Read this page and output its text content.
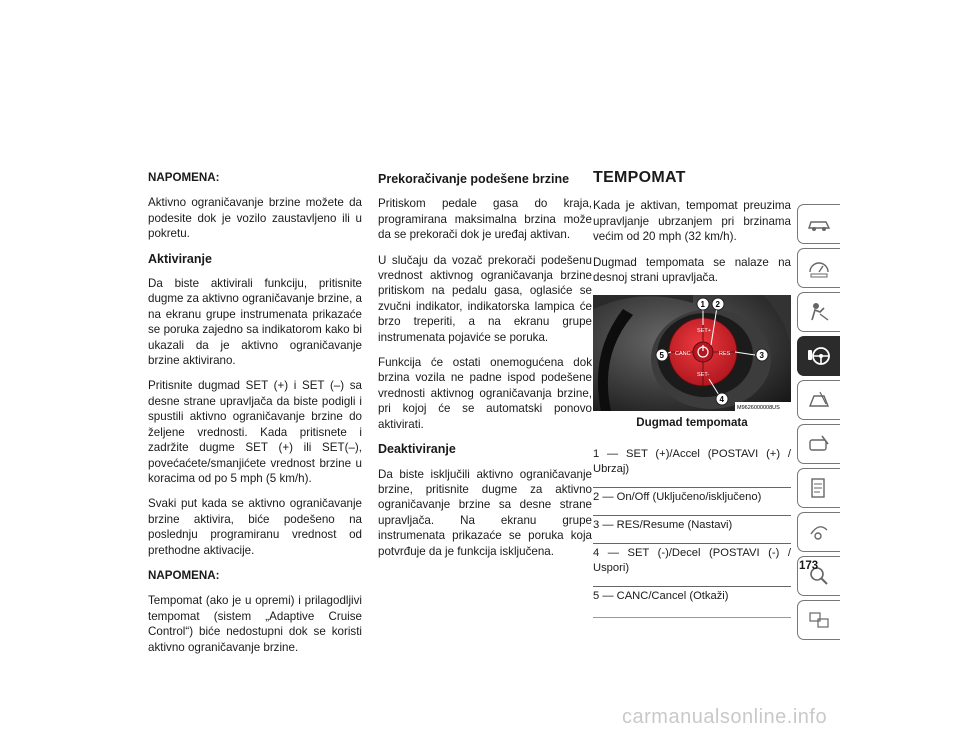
NAPOMENA:

Aktivno ograničavanje brzine možete da podesite dok je vozilo zaustavljeno ili u pokretu.

Aktiviranje

Da biste aktivirali funkciju, pritisnite dugme za aktivno ograničavanje brzine, a na ekranu grupe instrumenata prikazaće se poruka zajedno sa indikatorom kako bi ukazali da je aktivno ograničavanje brzine aktivirano.

Pritisnite dugmad SET (+) i SET (–) sa desne strane upravljača da biste podigli i spustili aktivno ograničavanje brzine do željene vrednosti. Kada pritisnete i zadržite dugme SET (+) ili SET(–), povećaćete/smanjićete vrednost brzine u koracima od po 5 mph (5 km/h).

Svaki put kada se aktivno ograničavanje brzine aktivira, biće podešeno na poslednju programiranu vrednost od prethodne aktivacije.

NAPOMENA:

Tempomat (ako je u opremi) i prilagodljivi tempomat (sistem „Adaptive Cruise Control“) biće nedostupni dok se koristi aktivno ograničavanje brzine.

Prekoračivanje podešene brzine

Pritiskom pedale gasa do kraja, programirana maksimalna brzina može da se prekorači dok je uređaj aktivan.

U slučaju da vozač prekorači podešenu vrednost aktivnog ograničavanja brzine pritiskom na pedalu gasa, oglasiće se zvučni indikator, indikatorska lampica će brzo treperiti, a na ekranu grupe instrumenata pojaviće se poruka.

Funkcija će ostati onemogućena dok brzina vozila ne padne ispod podešene vrednosti aktivnog ograničavanja brzine, pri kojoj će se automatski ponovo aktivirati.

Deaktiviranje

Da biste isključili aktivno ograničavanje brzine, pritisnite dugme za aktivno ograničavanje brzine sa desne strane upravljača. Na ekranu grupe instrumenata prikazaće se poruka koja potvrđuje da je funkcija isključena.

TEMPOMAT

Kada je aktivan, tempomat preuzima upravljanje ubrzanjem pri brzinama većim od 20 mph (32 km/h).

Dugmad tempomata se nalaze na desnoj strani upravljača.

SET+
CANC	RES
SET-
1 2
3
4
5
M9626000008US

Dugmad tempomata

1 — SET (+)/Accel (POSTAVI (+) / Ubrzaj)

2 — On/Off (Uključeno/isključeno)

3 — RES/Resume (Nastavi)

4 — SET (-)/Decel (POSTAVI (-) / Uspori)

5 — CANC/Cancel (Otkaži)

173
carmanualsonline.info
